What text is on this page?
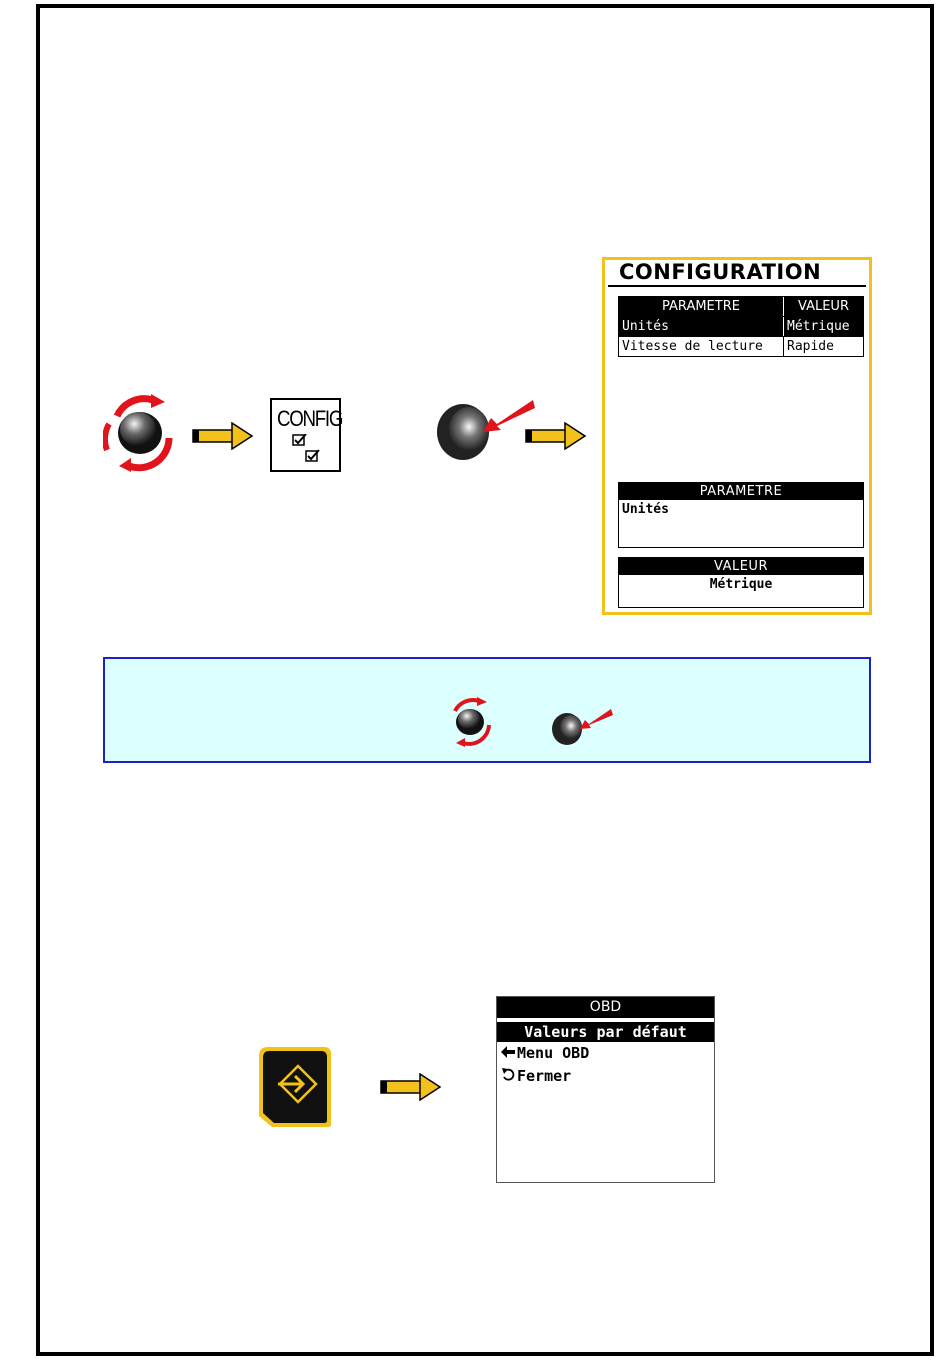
CONFIG
CONFIGURATION
PARAMETRE	VALEUR
Unités	Métrique
Vitesse de lecture	Rapide
PARAMETRE
Unités
VALEUR
Métrique
OBD
Valeurs par défaut
Menu OBD
Fermer
